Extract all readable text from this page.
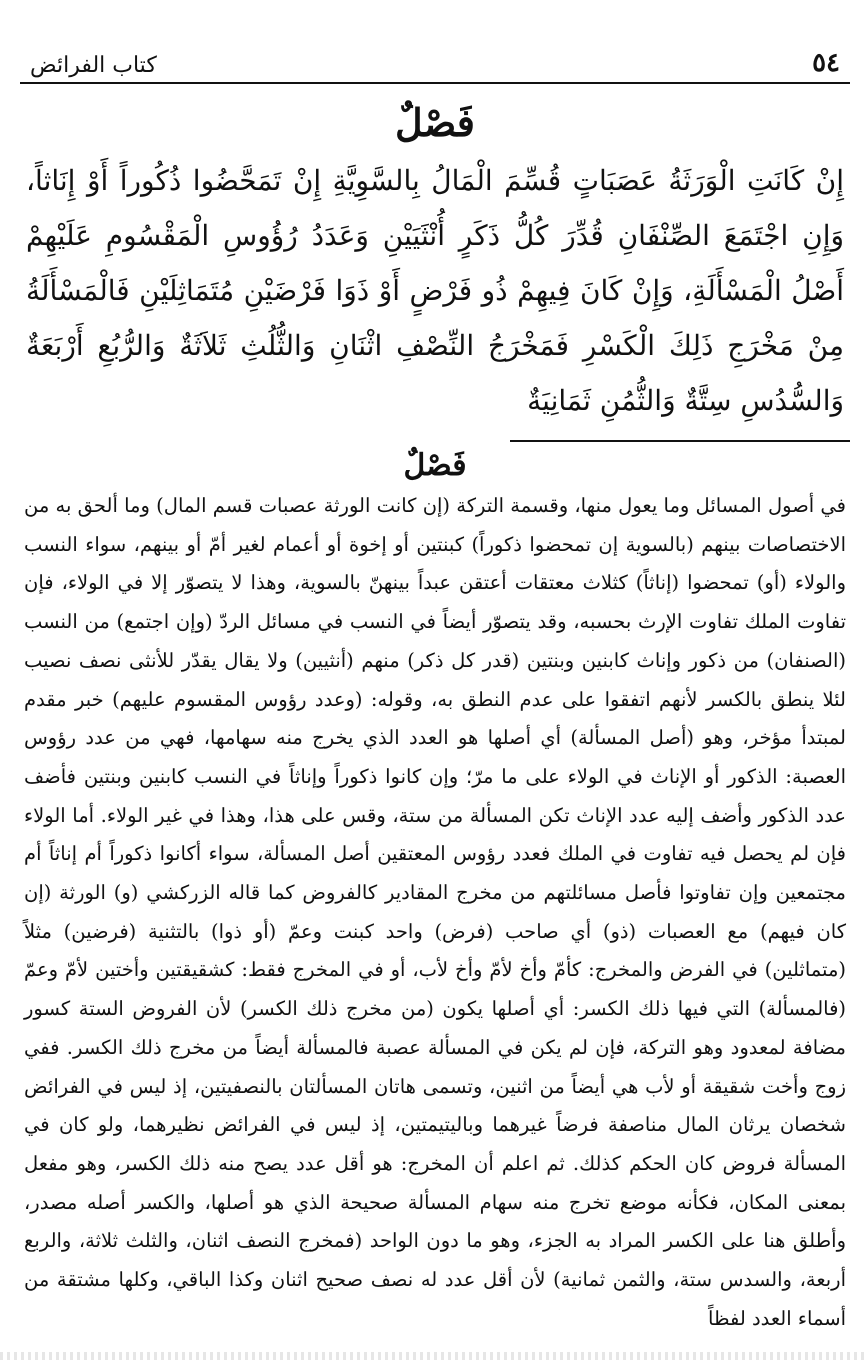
٥٤
كتاب الفرائض
فَصْلٌ
إِنْ كَانَتِ الْوَرَثَةُ عَصَبَاتٍ قُسِّمَ الْمَالُ بِالسَّوِيَّةِ إِنْ تَمَحَّضُوا ذُكُوراً أَوْ إِنَاثاً، وَإِنِ اجْتَمَعَ الصِّنْفَانِ قُدِّرَ كُلُّ ذَكَرٍ أُنْثَيَيْنِ وَعَدَدُ رُؤُوسِ الْمَقْسُومِ عَلَيْهِمْ أَصْلُ الْمَسْأَلَةِ، وَإِنْ كَانَ فِيهِمْ ذُو فَرْضٍ أَوْ ذَوَا فَرْضَيْنِ مُتَمَاثِلَيْنِ فَالْمَسْأَلَةُ مِنْ مَخْرَجِ ذَلِكَ الْكَسْرِ فَمَخْرَجُ النِّصْفِ اثْنَانِ وَالثُّلُثِ ثَلاَثَةٌ وَالرُّبُعِ أَرْبَعَةٌ وَالسُّدُسِ سِتَّةٌ وَالثُّمُنِ ثَمَانِيَةٌ
فَصْلٌ

في أصول المسائل وما يعول منها، وقسمة التركة (إن كانت الورثة عصبات قسم المال) وما ألحق به من الاختصاصات بينهم (بالسوية إن تمحضوا ذكوراً) كبنتين أو إخوة أو أعمام لغير أمّ أو بينهم، سواء النسب والولاء (أو) تمحضوا (إناثاً) كثلاث معتقات أعتقن عبداً بينهنّ بالسوية، وهذا لا يتصوّر إلا في الولاء، فإن تفاوت الملك تفاوت الإرث بحسبه، وقد يتصوّر أيضاً في النسب في مسائل الردّ (وإن اجتمع) من النسب (الصنفان) من ذكور وإناث كابنين وبنتين (قدر كل ذكر) منهم (أنثيين) ولا يقال يقدّر للأنثى نصف نصيب لئلا ينطق بالكسر لأنهم اتفقوا على عدم النطق به، وقوله: (وعدد رؤوس المقسوم عليهم) خبر مقدم لمبتدأ مؤخر، وهو (أصل المسألة) أي أصلها هو العدد الذي يخرج منه سهامها، فهي من عدد رؤوس العصبة: الذكور أو الإناث في الولاء على ما مرّ؛ وإن كانوا ذكوراً وإناثاً في النسب كابنين وبنتين فأضف عدد الذكور وأضف إليه عدد الإناث تكن المسألة من ستة، وقس على هذا، وهذا في غير الولاء. أما الولاء فإن لم يحصل فيه تفاوت في الملك فعدد رؤوس المعتقين أصل المسألة، سواء أكانوا ذكوراً أم إناثاً أم مجتمعين وإن تفاوتوا فأصل مسائلتهم من مخرج المقادير كالفروض كما قاله الزركشي (و) الورثة (إن كان فيهم) مع العصبات (ذو) أي صاحب (فرض) واحد كبنت وعمّ (أو ذوا) بالتثنية (فرضين) مثلاً (متماثلين) في الفرض والمخرج: كأمّ وأخ لأمّ وأخ لأب، أو في المخرج فقط: كشقيقتين وأختين لأمّ وعمّ (فالمسألة) التي فيها ذلك الكسر: أي أصلها يكون (من مخرج ذلك الكسر) لأن الفروض الستة كسور مضافة لمعدود وهو التركة، فإن لم يكن في المسألة عصبة فالمسألة أيضاً من مخرج ذلك الكسر. ففي زوج وأخت شقيقة أو لأب هي أيضاً من اثنين، وتسمى هاتان المسألتان بالنصفيتين، إذ ليس في الفرائض شخصان يرثان المال مناصفة فرضاً غيرهما وباليتيمتين، إذ ليس في الفرائض نظيرهما، ولو كان في المسألة فروض كان الحكم كذلك. ثم اعلم أن المخرج: هو أقل عدد يصح منه ذلك الكسر، وهو مفعل بمعنى المكان، فكأنه موضع تخرج منه سهام المسألة صحيحة الذي هو أصلها، والكسر أصله مصدر، وأطلق هنا على الكسر المراد به الجزء، وهو ما دون الواحد (فمخرج النصف اثنان، والثلث ثلاثة، والربع أربعة، والسدس ستة، والثمن ثمانية) لأن أقل عدد له نصف صحيح اثنان وكذا الباقي، وكلها مشتقة من أسماء العدد لفظاً
